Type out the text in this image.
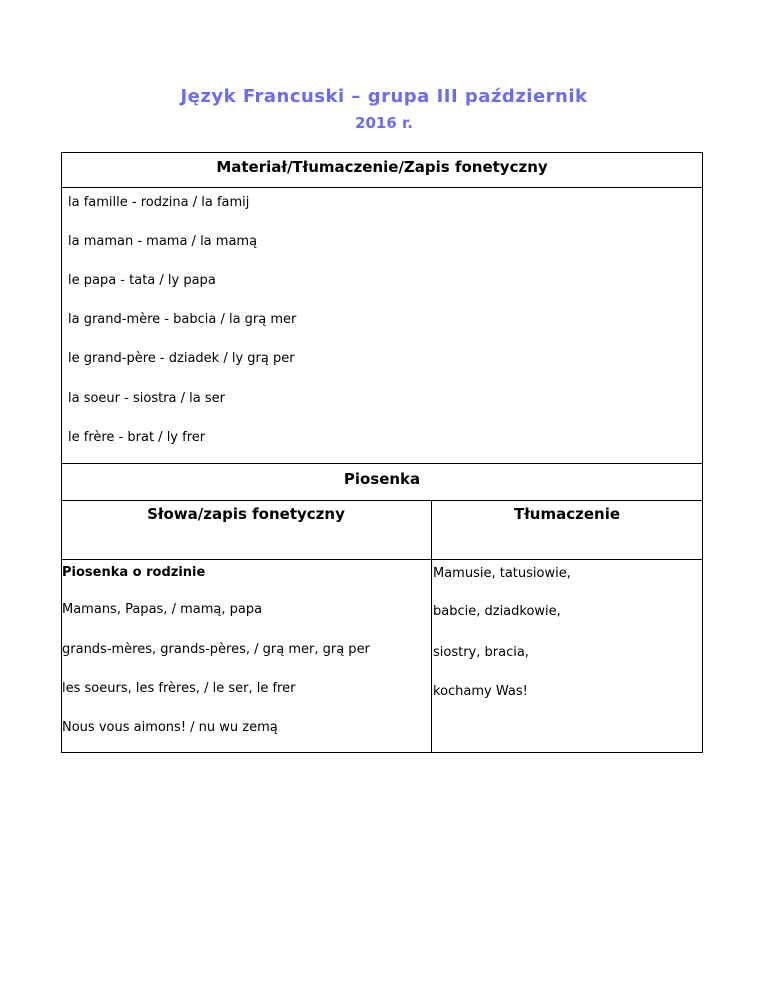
Język Francuski – grupa III październik
2016 r.
Materiał/Tłumaczenie/Zapis fonetyczny
la famille - rodzina / la famij
la maman - mama / la mamą
le papa - tata / ly papa
la grand-mère - babcia / la grą mer
le grand-père - dziadek / ly grą per
la soeur - siostra / la ser
le frère - brat / ly frer
Piosenka
Słowa/zapis fonetyczny	Tłumaczenie
Piosenka o rodzinie
Mamans, Papas, / mamą, papa
grands-mères, grands-pères, / grą mer, grą per
les soeurs, les frères, / le ser, le frer
Nous vous aimons! / nu wu zemą
Mamusie, tatusiowie,
babcie, dziadkowie,
siostry, bracia,
kochamy Was!
